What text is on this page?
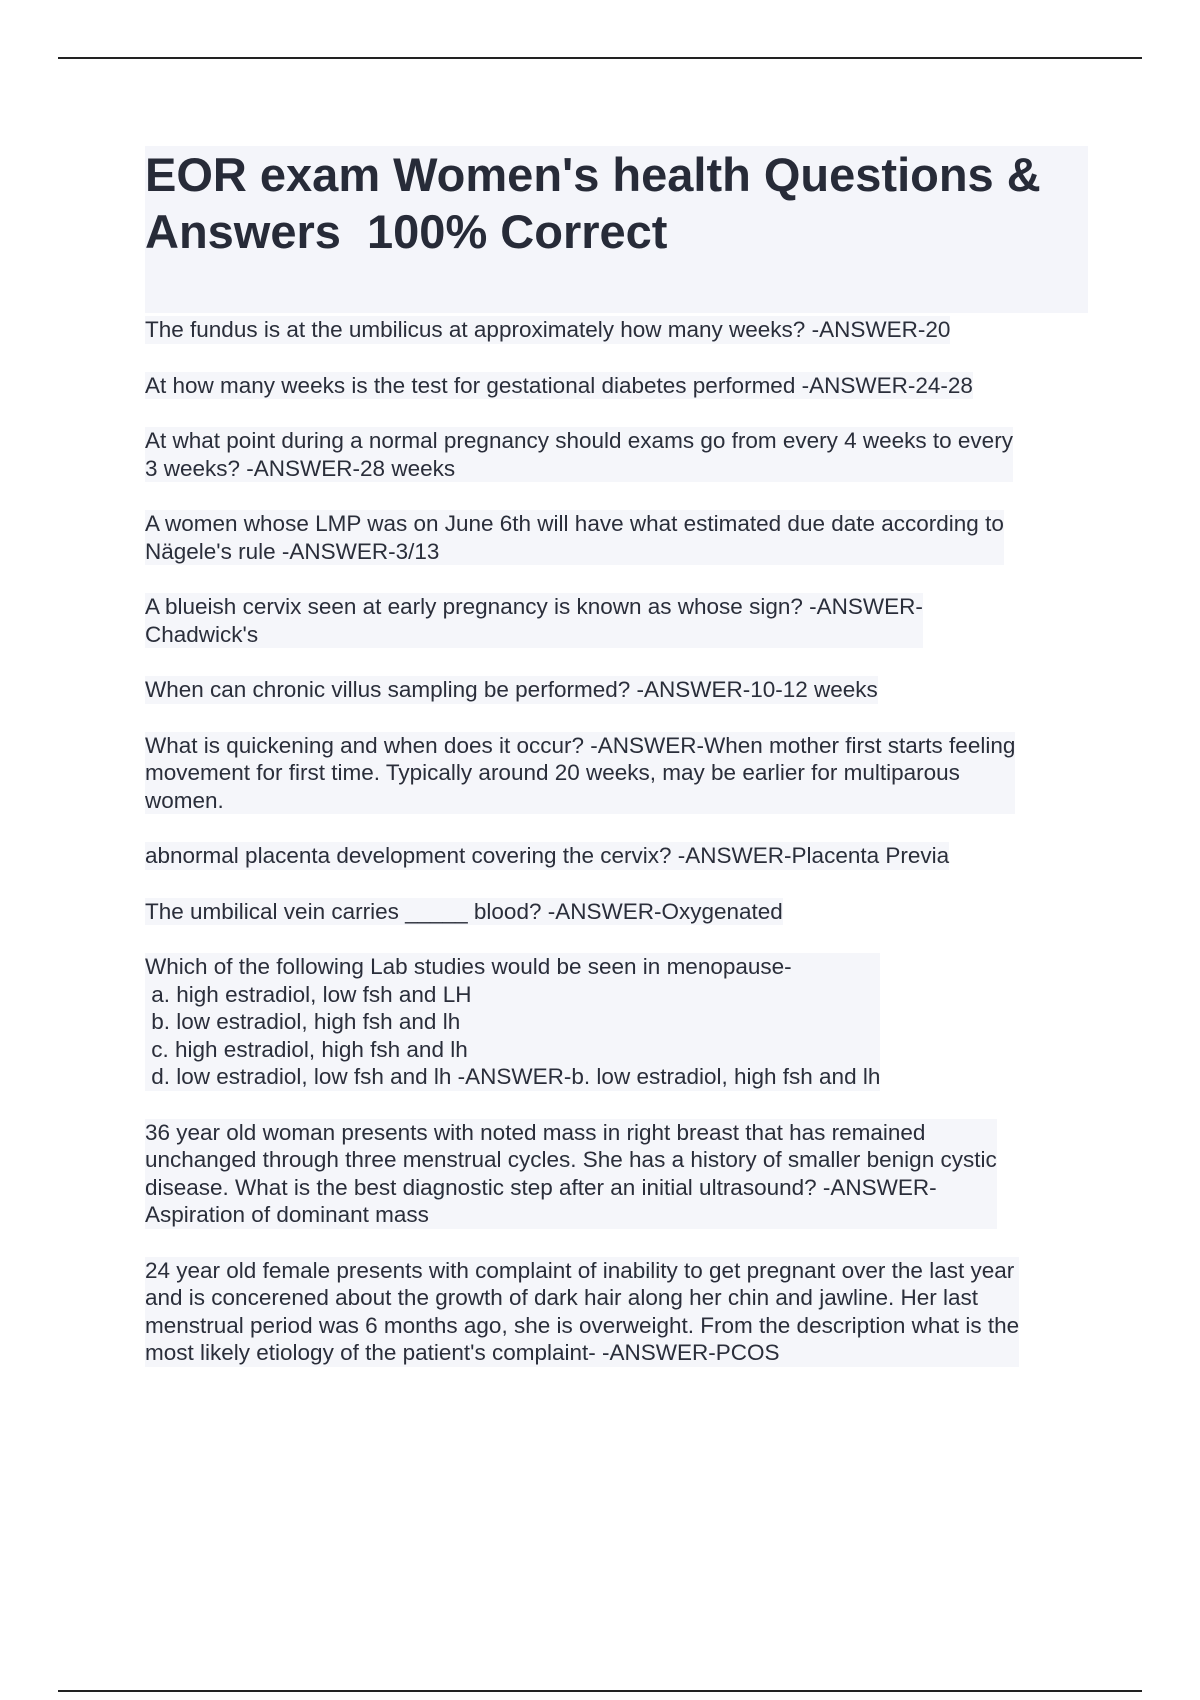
EOR exam Women's health Questions &
Answers  100% Correct

The fundus is at the umbilicus at approximately how many weeks? -ANSWER-20

At how many weeks is the test for gestational diabetes performed -ANSWER-24-28

At what point during a normal pregnancy should exams go from every 4 weeks to every
3 weeks? -ANSWER-28 weeks

A women whose LMP was on June 6th will have what estimated due date according to
Nägele's rule -ANSWER-3/13

A blueish cervix seen at early pregnancy is known as whose sign? -ANSWER-
Chadwick's

When can chronic villus sampling be performed? -ANSWER-10-12 weeks

What is quickening and when does it occur? -ANSWER-When mother first starts feeling
movement for first time. Typically around 20 weeks, may be earlier for multiparous
women.

abnormal placenta development covering the cervix? -ANSWER-Placenta Previa

The umbilical vein carries _____ blood? -ANSWER-Oxygenated

Which of the following Lab studies would be seen in menopause-
a. high estradiol, low fsh and LH
b. low estradiol, high fsh and lh
c. high estradiol, high fsh and lh
d. low estradiol, low fsh and lh -ANSWER-b. low estradiol, high fsh and lh

36 year old woman presents with noted mass in right breast that has remained
unchanged through three menstrual cycles. She has a history of smaller benign cystic
disease. What is the best diagnostic step after an initial ultrasound? -ANSWER-
Aspiration of dominant mass

24 year old female presents with complaint of inability to get pregnant over the last year
and is concerened about the growth of dark hair along her chin and jawline. Her last
menstrual period was 6 months ago, she is overweight. From the description what is the
most likely etiology of the patient's complaint- -ANSWER-PCOS
